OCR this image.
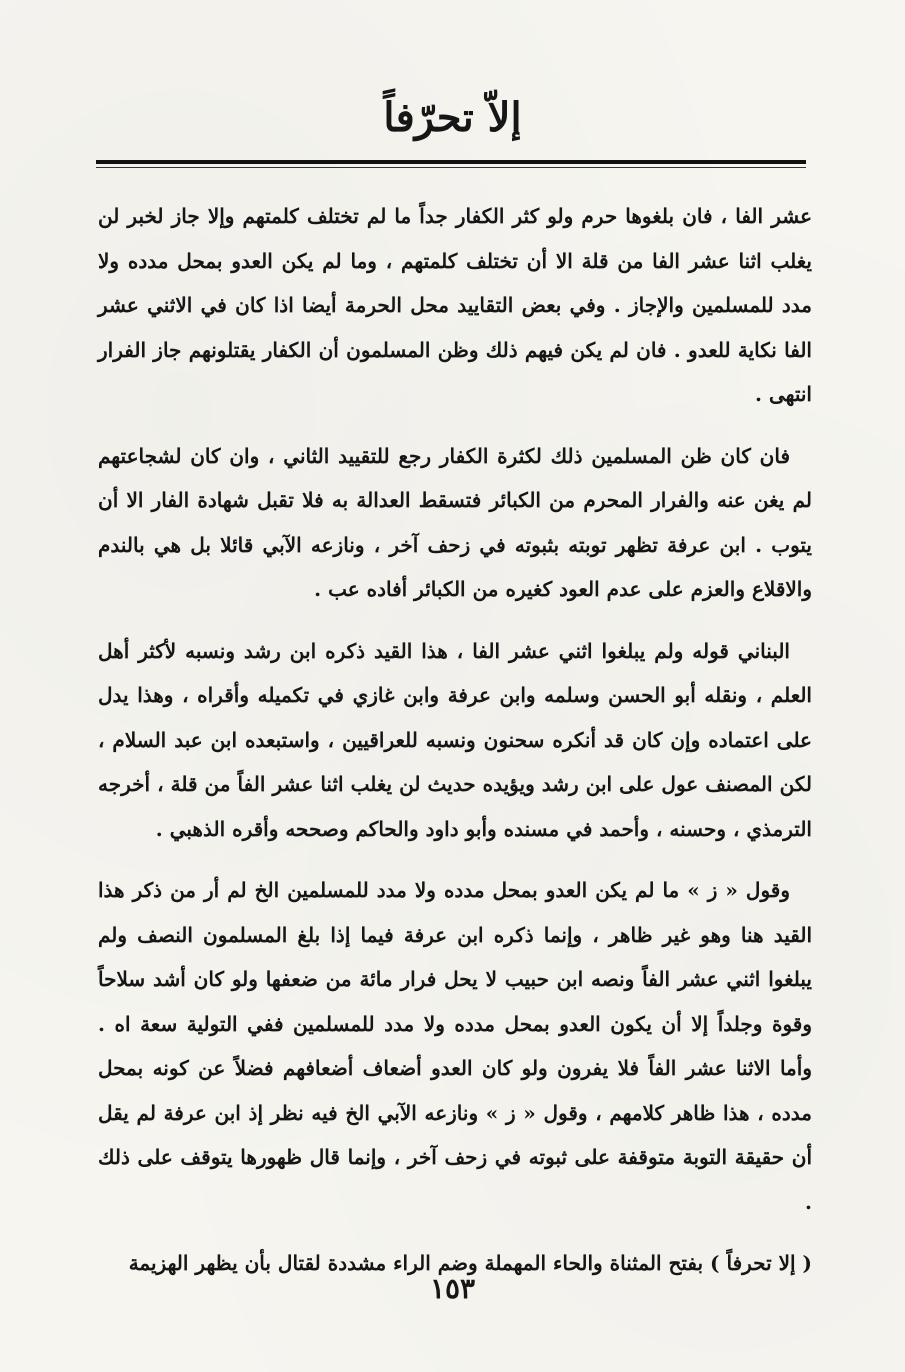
إلاّ تحرّفاً

عشر الفا ، فان بلغوها حرم ولو كثر الكفار جداً ما لم تختلف كلمتهم وإلا جاز لخبر لن يغلب اثنا عشر الفا من قلة الا أن تختلف كلمتهم ، وما لم يكن العدو بمحل مدده ولا مدد للمسلمين والإجاز . وفي بعض التقاييد محل الحرمة أيضا اذا كان في الاثني عشر الفا نكاية للعدو . فان لم يكن فيهم ذلك وظن المسلمون أن الكفار يقتلونهم جاز الفرار انتهى .

فان كان ظن المسلمين ذلك لكثرة الكفار رجع للتقييد الثاني ، وان كان لشجاعتهم لم يغن عنه والفرار المحرم من الكبائر فتسقط العدالة به فلا تقبل شهادة الفار الا أن يتوب . ابن عرفة تظهر توبته بثبوته في زحف آخر ، ونازعه الآبي قائلا بل هي بالندم والاقلاع والعزم على عدم العود كغيره من الكبائر أفاده عب .

البناني قوله ولم يبلغوا اثني عشر الفا ، هذا القيد ذكره ابن رشد ونسبه لأكثر أهل العلم ، ونقله أبو الحسن وسلمه وابن عرفة وابن غازي في تكميله وأقراه ، وهذا يدل على اعتماده وإن كان قد أنكره سحنون ونسبه للعراقيين ، واستبعده ابن عبد السلام ، لكن المصنف عول على ابن رشد ويؤيده حديث لن يغلب اثنا عشر الفاً من قلة ، أخرجه الترمذي ، وحسنه ، وأحمد في مسنده وأبو داود والحاكم وصححه وأقره الذهبي .

وقول « ز » ما لم يكن العدو بمحل مدده ولا مدد للمسلمين الخ لم أر من ذكر هذا القيد هنا وهو غير ظاهر ، وإنما ذكره ابن عرفة فيما إذا بلغ المسلمون النصف ولم يبلغوا اثني عشر الفاً ونصه ابن حبيب لا يحل فرار مائة من ضعفها ولو كان أشد سلاحاً وقوة وجلداً إلا أن يكون العدو بمحل مدده ولا مدد للمسلمين ففي التولية سعة اه . وأما الاثنا عشر الفاً فلا يفرون ولو كان العدو أضعاف أضعافهم فضلاً عن كونه بمحل مدده ، هذا ظاهر كلامهم ، وقول « ز » ونازعه الآبي الخ فيه نظر إذ ابن عرفة لم يقل أن حقيقة التوبة متوقفة على ثبوته في زحف آخر ، وإنما قال ظهورها يتوقف على ذلك .

( إلا تحرفاً ) بفتح المثناة والحاء المهملة وضم الراء مشددة لقتال بأن يظهر الهزيمة

١٥٣
